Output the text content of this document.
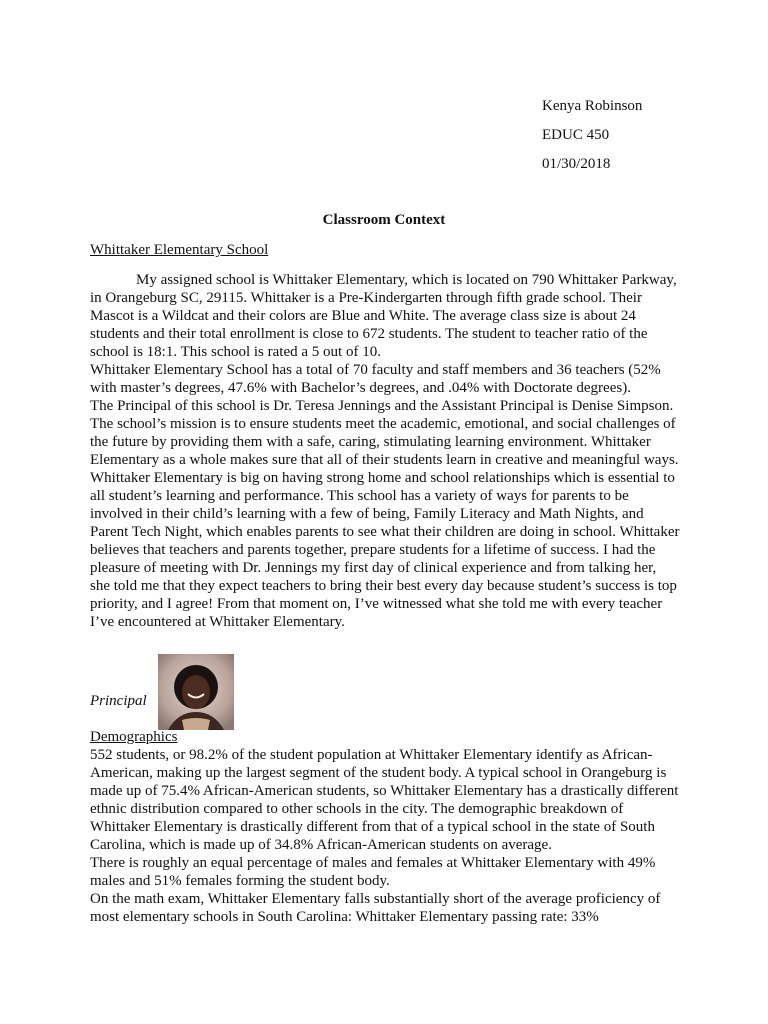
Kenya Robinson
EDUC 450
01/30/2018
Classroom Context
Whittaker Elementary School

My assigned school is Whittaker Elementary, which is located on 790 Whittaker Parkway, in Orangeburg SC, 29115. Whittaker is a Pre-Kindergarten through fifth grade school. Their Mascot is a Wildcat and their colors are Blue and White. The average class size is about 24 students and their total enrollment is close to 672 students. The student to teacher ratio of the school is 18:1. This school is rated a 5 out of 10.

Whittaker Elementary School has a total of 70 faculty and staff members and 36 teachers (52% with master’s degrees, 47.6% with Bachelor’s degrees, and .04% with Doctorate degrees).

The Principal of this school is Dr. Teresa Jennings and the Assistant Principal is Denise Simpson.

The school’s mission is to ensure students meet the academic, emotional, and social challenges of the future by providing them with a safe, caring, stimulating learning environment. Whittaker Elementary as a whole makes sure that all of their students learn in creative and meaningful ways. Whittaker Elementary is big on having strong home and school relationships which is essential to all student’s learning and performance. This school has a variety of ways for parents to be involved in their child’s learning with a few of being, Family Literacy and Math Nights, and Parent Tech Night, which enables parents to see what their children are doing in school. Whittaker believes that teachers and parents together, prepare students for a lifetime of success. I had the pleasure of meeting with Dr. Jennings my first day of clinical experience and from talking her, she told me that they expect teachers to bring their best every day because student’s success is top priority, and I agree! From that moment on, I’ve witnessed what she told me with every teacher I’ve encountered at Whittaker Elementary.

Principal

Demographics

552 students, or 98.2% of the student population at Whittaker Elementary identify as African-American, making up the largest segment of the student body. A typical school in Orangeburg is made up of 75.4% African-American students, so Whittaker Elementary has a drastically different ethnic distribution compared to other schools in the city. The demographic breakdown of Whittaker Elementary is drastically different from that of a typical school in the state of South Carolina, which is made up of 34.8% African-American students on average.

There is roughly an equal percentage of males and females at Whittaker Elementary with 49% males and 51% females forming the student body.

On the math exam, Whittaker Elementary falls substantially short of the average proficiency of most elementary schools in South Carolina: Whittaker Elementary passing rate: 33%
